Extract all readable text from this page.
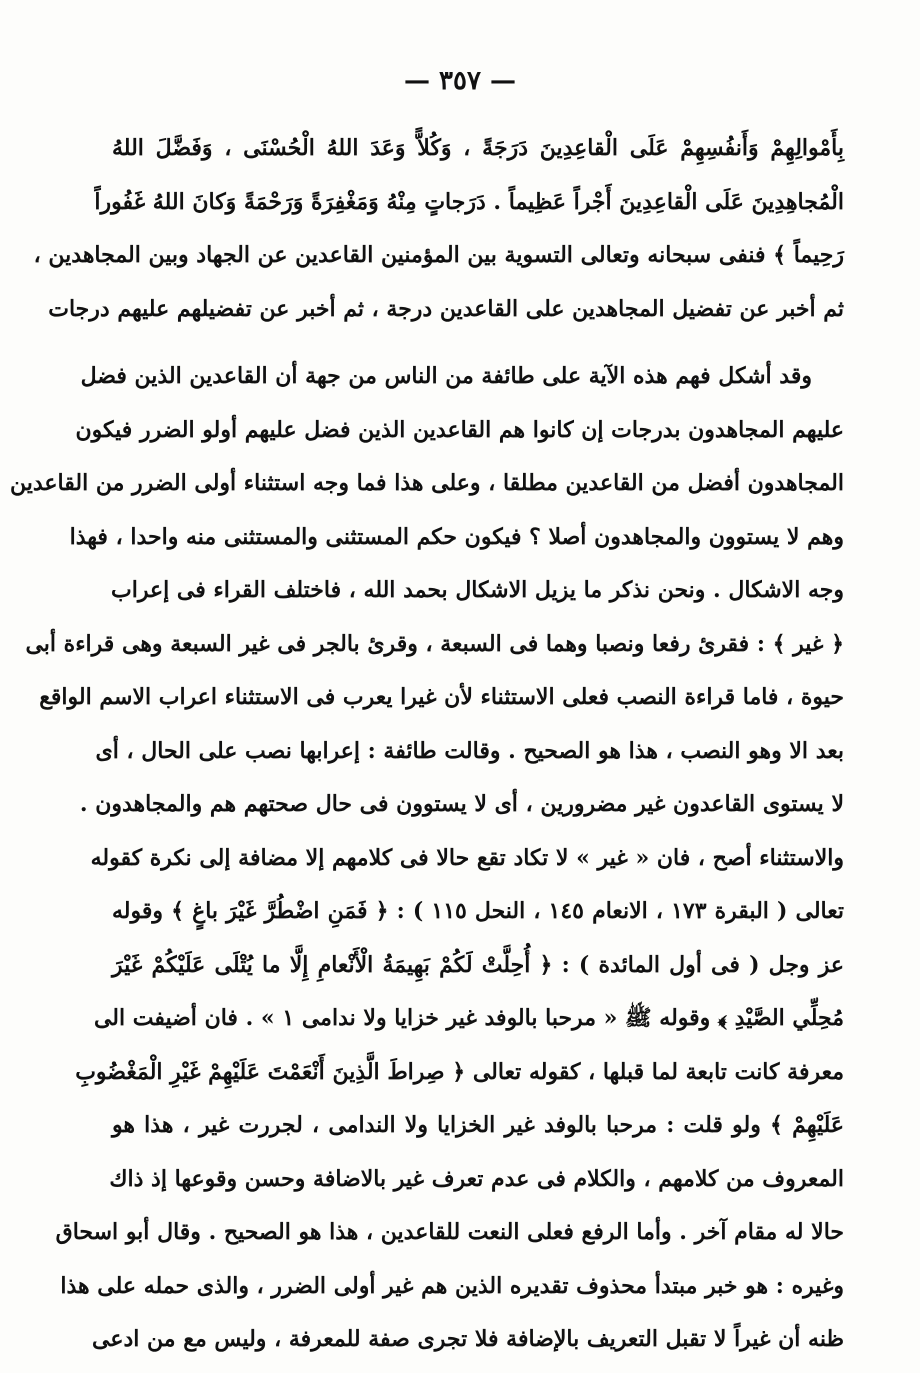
— ٣٥٧ —
بِأَمْوالِهِمْ وَأَنفُسِهِمْ عَلَى الْقاعِدِينَ دَرَجَةً ، وَكُلاًّ وَعَدَ اللهُ الْحُسْنَى ، وَفَضَّلَ اللهُ
الْمُجاهِدِينَ عَلَى الْقاعِدِينَ أَجْراً عَظِيماً . دَرَجاتٍ مِنْهُ وَمَغْفِرَةً وَرَحْمَةً وَكانَ اللهُ غَفُوراً
رَحِيماً ﴾ فنفى سبحانه وتعالى التسوية بين المؤمنين القاعدين عن الجهاد وبين المجاهدين ،
ثم أخبر عن تفضيل المجاهدين على القاعدين درجة ، ثم أخبر عن تفضيلهم عليهم درجات
وقد أشكل فهم هذه الآية على طائفة من الناس من جهة أن القاعدين الذين فضل
عليهم المجاهدون بدرجات إن كانوا هم القاعدين الذين فضل عليهم أولو الضرر فيكون
المجاهدون أفضل من القاعدين مطلقا ، وعلى هذا فما وجه استثناء أولى الضرر من القاعدين
وهم لا يستوون والمجاهدون أصلا ؟ فيكون حكم المستثنى والمستثنى منه واحدا ، فهذا
وجه الاشكال . ونحن نذكر ما يزيل الاشكال بحمد الله ، فاختلف القراء فى إعراب
﴿ غير ﴾ : فقرئ رفعا ونصبا وهما فى السبعة ، وقرئ بالجر فى غير السبعة وهى قراءة أبى
حيوة ، فاما قراءة النصب فعلى الاستثناء لأن غيرا يعرب فى الاستثناء اعراب الاسم الواقع
بعد الا وهو النصب ، هذا هو الصحيح . وقالت طائفة : إعرابها نصب على الحال ، أى
لا يستوى القاعدون غير مضرورين ، أى لا يستوون فى حال صحتهم هم والمجاهدون .
والاستثناء أصح ، فان « غير » لا تكاد تقع حالا فى كلامهم إلا مضافة إلى نكرة كقوله
تعالى ( البقرة ١٧٣ ، الانعام ١٤٥ ، النحل ١١٥ ) : ﴿ فَمَنِ اضْطُرَّ غَيْرَ باغٍ ﴾ وقوله
عز وجل ( فى أول المائدة ) : ﴿ أُحِلَّتْ لَكُمْ بَهِيمَةُ الْأَنْعامِ إِلَّا ما يُتْلَى عَلَيْكُمْ غَيْرَ
مُحِلِّي الصَّيْدِ ﴾ وقوله ﷺ « مرحبا بالوفد غير خزايا ولا ندامى ١ » . فان أضيفت الى
معرفة كانت تابعة لما قبلها ، كقوله تعالى ﴿ صِراطَ الَّذِينَ أَنْعَمْتَ عَلَيْهِمْ غَيْرِ الْمَغْضُوبِ
عَلَيْهِمْ ﴾ ولو قلت : مرحبا بالوفد غير الخزايا ولا الندامى ، لجررت غير ، هذا هو
المعروف من كلامهم ، والكلام فى عدم تعرف غير بالاضافة وحسن وقوعها إذ ذاك
حالا له مقام آخر . وأما الرفع فعلى النعت للقاعدين ، هذا هو الصحيح . وقال أبو اسحاق
وغيره : هو خبر مبتدأ محذوف تقديره الذين هم غير أولى الضرر ، والذى حمله على هذا
ظنه أن غيراً لا تقبل التعريف بالإضافة فلا تجرى صفة للمعرفة ، وليس مع من ادعى
